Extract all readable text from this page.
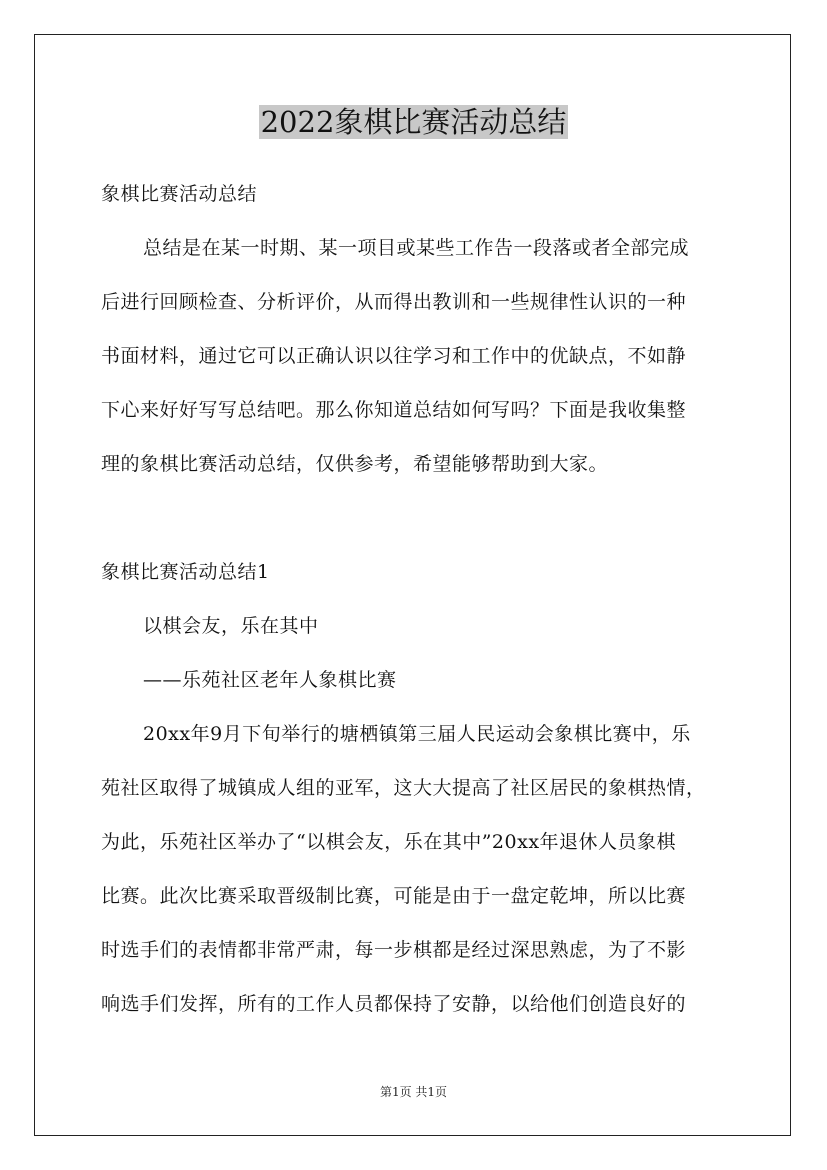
2022象棋比赛活动总结
象棋比赛活动总结
总结是在某一时期、某一项目或某些工作告一段落或者全部完成
后进行回顾检查、分析评价，从而得出教训和一些规律性认识的一种
书面材料，通过它可以正确认识以往学习和工作中的优缺点，不如静
下心来好好写写总结吧。那么你知道总结如何写吗？下面是我收集整
理的象棋比赛活动总结，仅供参考，希望能够帮助到大家。
象棋比赛活动总结1
以棋会友，乐在其中
——乐苑社区老年人象棋比赛
20xx年9月下旬举行的塘栖镇第三届人民运动会象棋比赛中，乐
苑社区取得了城镇成人组的亚军，这大大提高了社区居民的象棋热情，
为此，乐苑社区举办了“以棋会友，乐在其中”20xx年退休人员象棋
比赛。此次比赛采取晋级制比赛，可能是由于一盘定乾坤，所以比赛
时选手们的表情都非常严肃，每一步棋都是经过深思熟虑，为了不影
响选手们发挥，所有的工作人员都保持了安静，以给他们创造良好的
第1页 共1页
